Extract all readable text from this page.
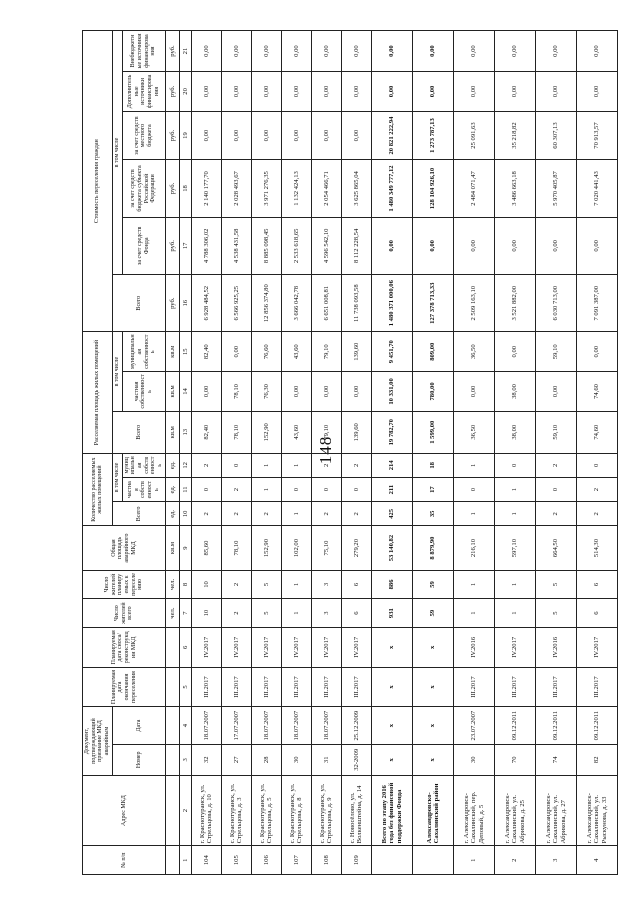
148
№ п/п	Адрес МКД	Документ, подтверждающий признание МКД аварийным		Планируемая дата окончания переселения	Планируемая дата сноса/реконструкции МКД	Число жителей всего	Число жителей планируемых к переселению	Общая площадь аварийного МКД	Количество расселяемых жилых помещений			Расселяемая площадь жилых помещений			Стоимость переселения граждан					
		Номер	Дата						Всего	в том числе		Всего	в том числе		Всего	в том числе				
										частная собственность	муниципальная собственность		частная собственность	муниципальная собственность		за счет средств Фонда	за счет средств бюджета субъекта Российской Федерации	за счет средств местного бюджета	Дополнительные источники финансирования	Внебюджетные источники финансирования
						чел.	чел.	кв.м	ед.	ед.	ед.	кв.м	кв.м	кв.м	руб.	руб.	руб.	руб.	руб.	руб.
1	2	3	4	5	6	7	8	9	10	11	12	13	14	15	16	17	18	19	20	21
104	г. Краснотуранск, ул. Стрельцова, д. 10	32	18.07.2007	III.2017	IV.2017	10	10	85,60	2	0	2	82,40	0,00	82,40	6 928 484,52	4 788 306,02	2 140 177,70	0,00	0,00	0,00
105	с. Краснотуранск, ул. Стрельцова, д. 3	27	17.07.2007	III.2017	IV.2017	2	2	78,10	2	2	0	78,10	78,10	0,00	6 566 925,25	4 538 431,58	2 028 493,67	0,00	0,00	0,00
106	с. Краснотуранск, ул. Стрельцова, д. 5	28	18.07.2007	III.2017	IV.2017	5	5	152,90	2	1	1	152,90	76,30	76,60	12 856 374,80	8 885 098,45	3 971 276,35	0,00	0,00	0,00
107	с. Краснотуранск, ул. Стрельцова, д. 8	30	18.07.2007	III.2017	IV.2017	1	1	102,00	1	0	1	43,60	0,00	43,60	3 666 042,78	2 533 618,65	1 132 424,13	0,00	0,00	0,00
108	с. Краснотуранск, ул. Стрельцова, д. 9	31	18.07.2007	III.2017	IV.2017	3	3	75,10	2	0	2	79,10	0,00	79,10	6 651 008,81	4 596 542,10	2 054 466,71	0,00	0,00	0,00
109	с. Новосёлово, ул. Волкенштейна, д. 14	32-2009	25.12.2009	III.2017	IV.2017	6	6	279,20	2	0	2	139,60	0,00	139,60	11 738 093,58	8 112 228,54	3 625 865,04	0,00	0,00	0,00
	Всего по этапу 2016 года без финансовой поддержки Фонда	x	x	x	x	931	886	53 140,82	425	211	214	19 782,70	10 331,00	9 451,70	1 480 371 000,06	0,00	1 480 349 777,12	20 821 222,94	0,00	0,00
	Александровско-Сахалинский район	x	x	x	x	59	59	8 879,90	35	17	18	1 599,00	780,00	809,00	127 378 713,33	0,00	128 104 926,10	1 273 787,13	0,00	0,00
1	г. Александровск-Сахалинский, пер. Деповый, д. 5	30	23.07.2007	III.2017	IV.2016	1	1	216,10	1	0	1	36,50	0,00	36,50	2 509 163,10	0,00	2 484 071,47	25 091,63	0,00	0,00
2	г. Александровск-Сахалинский, ул. Абрикова, д. 25	70	09.12.2011	III.2017	IV.2017	1	1	597,10	1	1	0	38,00	38,00	0,00	3 521 882,00	0,00	3 486 663,18	35 218,82	0,00	0,00
3	г. Александровск-Сахалинский, ул. Абрикова, д. 27	74	09.12.2011	III.2017	IV.2016	5	5	664,50	2	0	2	59,10	0,00	59,10	6 030 713,00	0,00	5 970 405,87	60 307,13	0,00	0,00
4	г. Александровск-Сахалинский, ул. Рыскунова, д. 33	82	09.12.2011	III.2017	IV.2017	6	6	514,30	2	2	0	74,60	74,60	0,00	7 091 387,00	0,00	7 020 441,43	70 913,57	0,00	0,00
